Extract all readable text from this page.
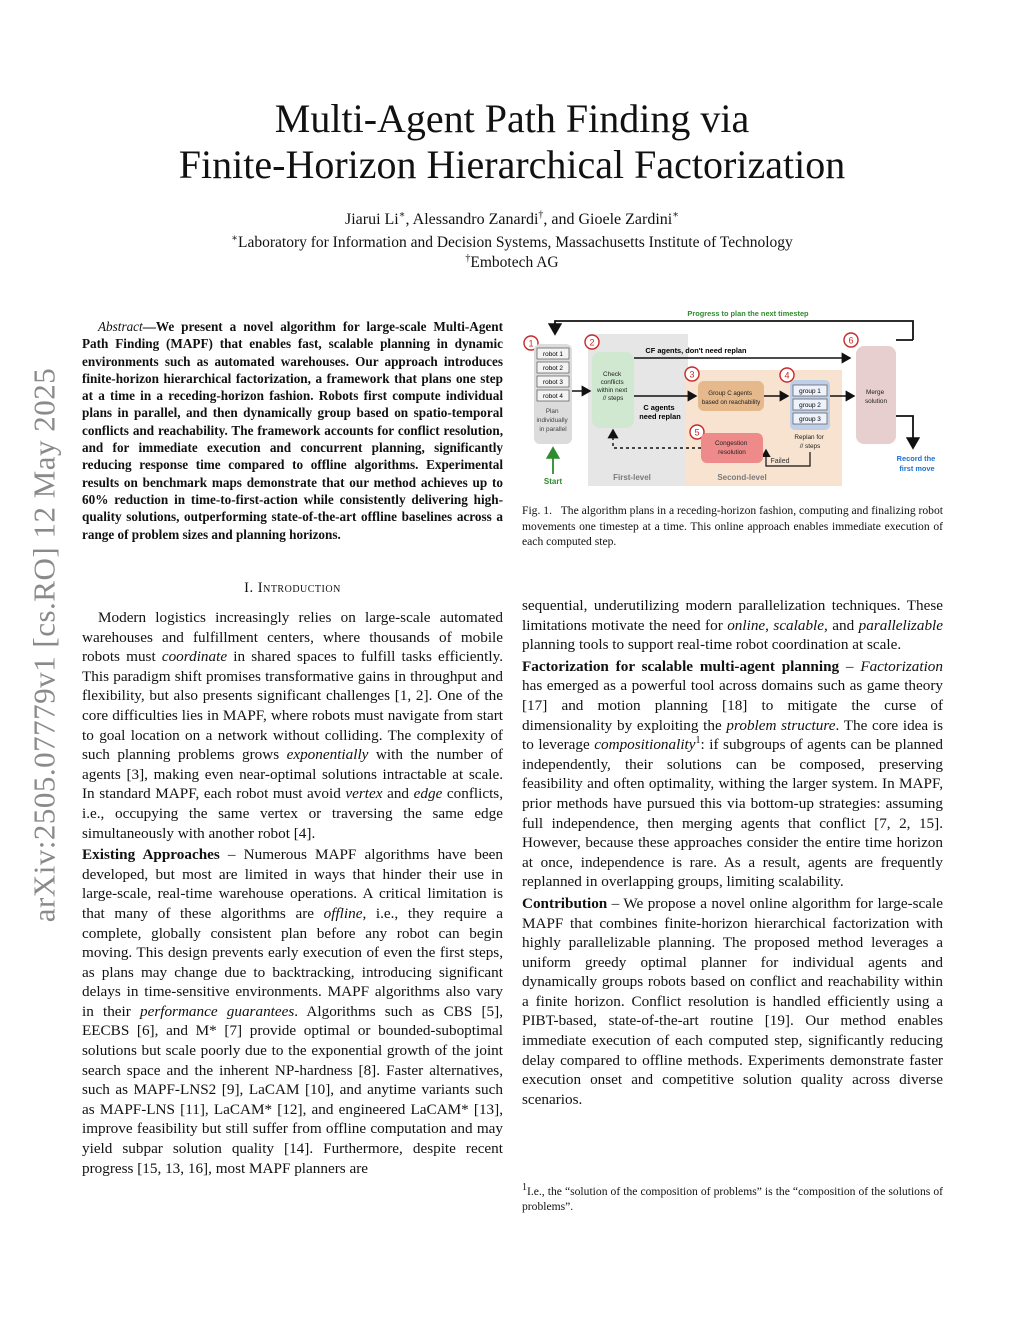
arXiv:2505.07779v1 [cs.RO] 12 May 2025
Multi-Agent Path Finding via
Finite-Horizon Hierarchical Factorization
Jiarui Li∗, Alessandro Zanardi†, and Gioele Zardini∗
∗Laboratory for Information and Decision Systems, Massachusetts Institute of Technology
†Embotech AG

Abstract—We present a novel algorithm for large-scale Multi-Agent Path Finding (MAPF) that enables fast, scalable planning in dynamic environments such as automated warehouses. Our approach introduces finite-horizon hierarchical factorization, a framework that plans one step at a time in a receding-horizon fashion. Robots first compute individual plans in parallel, and then dynamically group based on spatio-temporal conflicts and reachability. The framework accounts for conflict resolution, and for immediate execution and concurrent planning, significantly reducing response time compared to offline algorithms. Experimental results on benchmark maps demonstrate that our method achieves up to 60% reduction in time-to-first-action while consistently delivering high-quality solutions, outperforming state-of-the-art offline baselines across a range of problem sizes and planning horizons.

I. Introduction

Modern logistics increasingly relies on large-scale automated warehouses and fulfillment centers, where thousands of mobile robots must coordinate in shared spaces to fulfill tasks efficiently. This paradigm shift promises transformative gains in throughput and flexibility, but also presents significant challenges [1, 2]. One of the core difficulties lies in MAPF, where robots must navigate from start to goal location on a network without colliding. The complexity of such planning problems grows exponentially with the number of agents [3], making even near-optimal solutions intractable at scale. In standard MAPF, each robot must avoid vertex and edge conflicts, i.e., occupying the same vertex or traversing the same edge simultaneously with another robot [4].

Existing Approaches – Numerous MAPF algorithms have been developed, but most are limited in ways that hinder their use in large-scale, real-time warehouse operations. A critical limitation is that many of these algorithms are offline, i.e., they require a complete, globally consistent plan before any robot can begin moving. This design prevents early execution of even the first steps, as plans may change due to backtracking, introducing significant delays in time-sensitive environments. MAPF algorithms also vary in their performance guarantees. Algorithms such as CBS [5], EECBS [6], and M* [7] provide optimal or bounded-suboptimal solutions but scale poorly due to the exponential growth of the joint search space and the inherent NP-hardness [8]. Faster alternatives, such as MAPF-LNS2 [9], LaCAM [10], and anytime variants such as MAPF-LNS [11], LaCAM* [12], and engineered LaCAM* [13], improve feasibility but still suffer from offline computation and may yield subpar solution quality [14]. Furthermore, despite recent progress [15, 13, 16], most MAPF planners are

Progress to plan the next timestep
First-level	Second-level
1	2
3	4
5
6
robot 1
robot 2
robot 3
robot 4
Plan individually in parallel
Start
Check conflicts within next // steps
CF agents, don't need replan
C agents need replan
Group C agents based on reachability
group 1
group 2
group 3
Replan for // steps
Failed
Congestion resolution
Merge solution
Record the first move
Fig. 1. The algorithm plans in a receding-horizon fashion, computing and finalizing robot movements one timestep at a time. This online approach enables immediate execution of each computed step.

sequential, underutilizing modern parallelization techniques. These limitations motivate the need for online, scalable, and parallelizable planning tools to support real-time robot coordination at scale.

Factorization for scalable multi-agent planning – Factorization has emerged as a powerful tool across domains such as game theory [17] and motion planning [18] to mitigate the curse of dimensionality by exploiting the problem structure. The core idea is to leverage compositionality$^1$: if subgroups of agents can be planned independently, their solutions can be composed, preserving feasibility and often optimality, withing the larger system. In MAPF, prior methods have pursued this via bottom-up strategies: assuming full independence, then merging agents that conflict [7, 2, 15]. However, because these approaches consider the entire time horizon at once, independence is rare. As a result, agents are frequently replanned in overlapping groups, limiting scalability.

Contribution – We propose a novel online algorithm for large-scale MAPF that combines finite-horizon hierarchical factorization with highly parallelizable planning. The proposed method leverages a uniform greedy optimal planner for individual agents and dynamically groups robots based on conflict and reachability within a finite horizon. Conflict resolution is handled efficiently using a PIBT-based, state-of-the-art routine [19]. Our method enables immediate execution of each computed step, significantly reducing delay compared to offline methods. Experiments demonstrate faster execution onset and competitive solution quality across diverse scenarios.

$^1$I.e., the “solution of the composition of problems” is the “composition of the solutions of problems”.
